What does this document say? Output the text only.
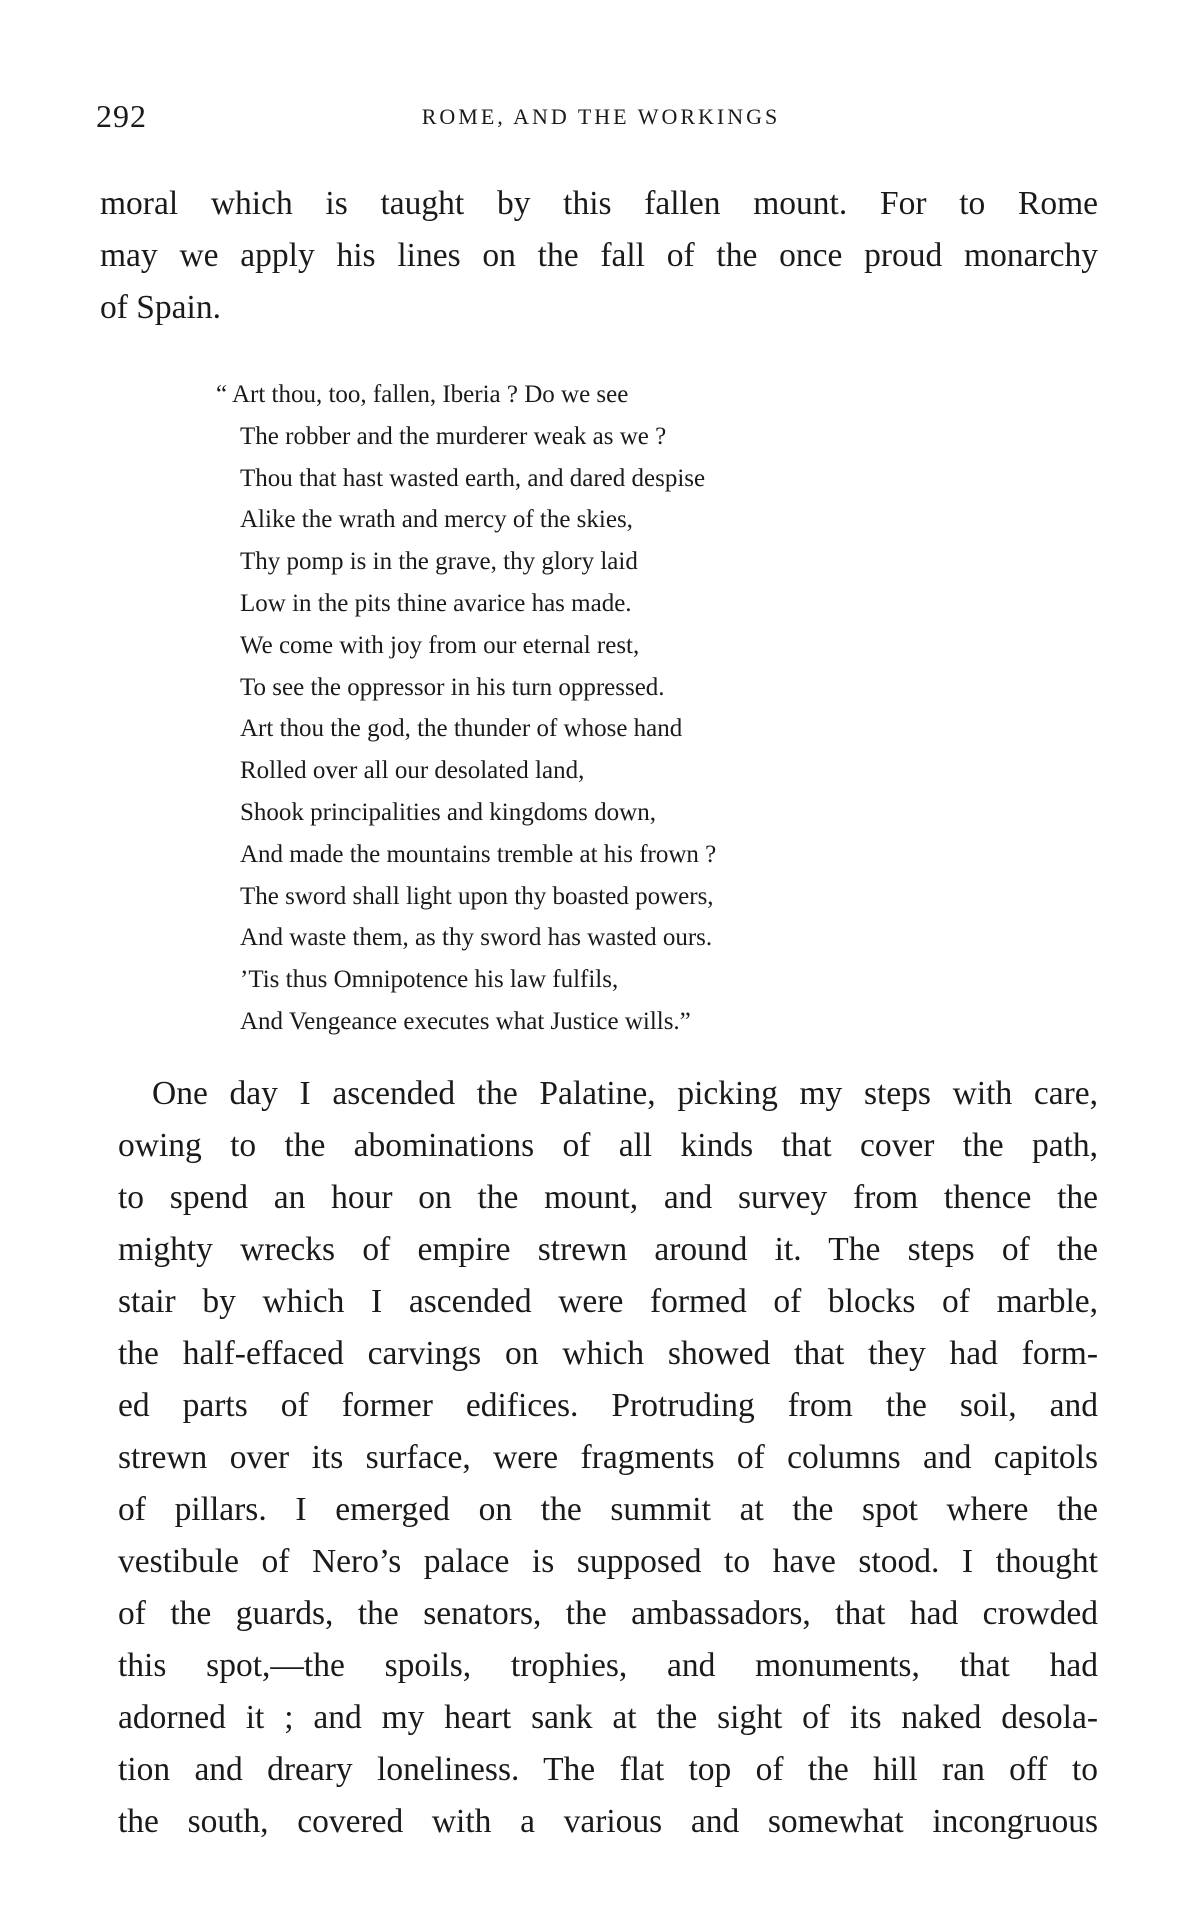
292	ROME, AND THE WORKINGS

moral which is taught by this fallen mount. For to Rome
may we apply his lines on the fall of the once proud monarchy
of Spain.

“ Art thou, too, fallen, Iberia ? Do we see
The robber and the murderer weak as we ?
Thou that hast wasted earth, and dared despise
Alike the wrath and mercy of the skies,
Thy pomp is in the grave, thy glory laid
Low in the pits thine avarice has made.
We come with joy from our eternal rest,
To see the oppressor in his turn oppressed.
Art thou the god, the thunder of whose hand
Rolled over all our desolated land,
Shook principalities and kingdoms down,
And made the mountains tremble at his frown ?
The sword shall light upon thy boasted powers,
And waste them, as thy sword has wasted ours.
’Tis thus Omnipotence his law fulfils,
And Vengeance executes what Justice wills.”

One day I ascended the Palatine, picking my steps with care,
owing to the abominations of all kinds that cover the path,
to spend an hour on the mount, and survey from thence the
mighty wrecks of empire strewn around it. The steps of the
stair by which I ascended were formed of blocks of marble,
the half-effaced carvings on which showed that they had form-
ed parts of former edifices. Protruding from the soil, and
strewn over its surface, were fragments of columns and capitols
of pillars. I emerged on the summit at the spot where the
vestibule of Nero’s palace is supposed to have stood. I thought
of the guards, the senators, the ambassadors, that had crowded
this spot,—the spoils, trophies, and monuments, that had
adorned it ; and my heart sank at the sight of its naked desola-
tion and dreary loneliness. The flat top of the hill ran off to
the south, covered with a various and somewhat incongruous
